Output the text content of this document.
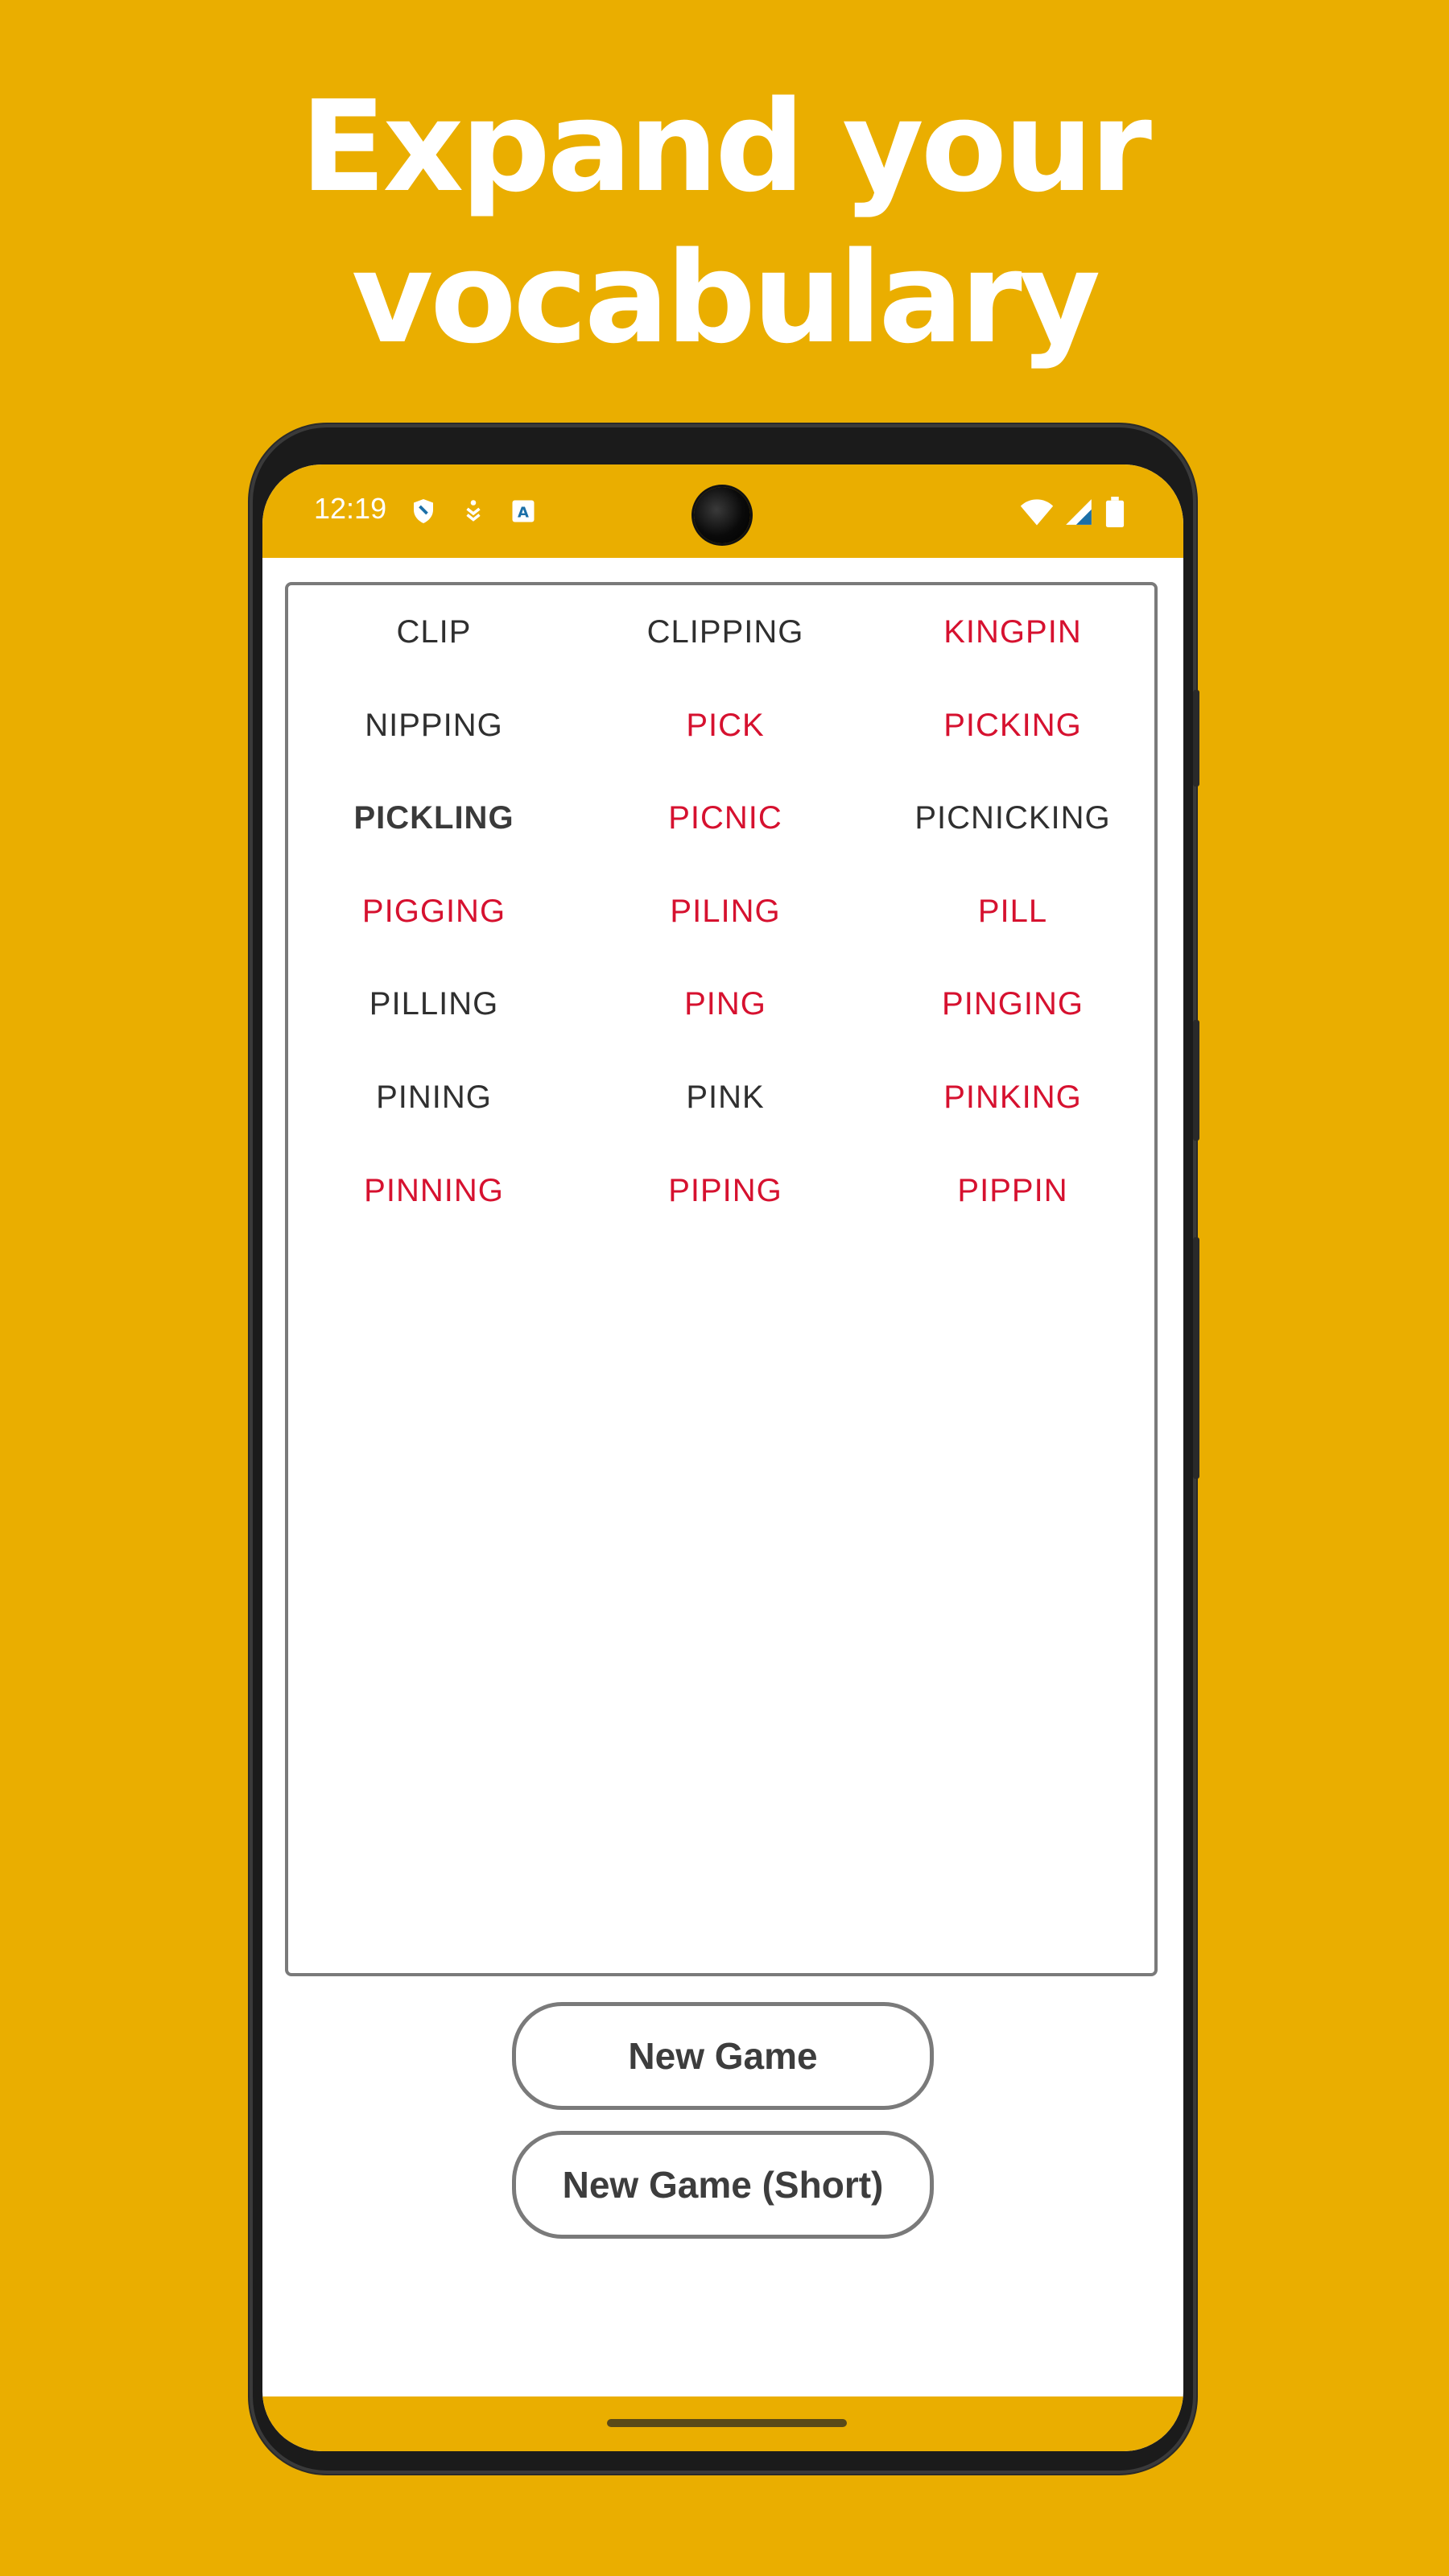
Expand your
vocabulary
12:19	A
CLIP	CLIPPING	KINGPIN
NIPPING	PICK	PICKING
PICKLING	PICNIC	PICNICKING
PIGGING	PILING	PILL
PILLING	PING	PINGING
PINING	PINK	PINKING
PINNING	PIPING	PIPPIN
New Game
New Game (Short)
